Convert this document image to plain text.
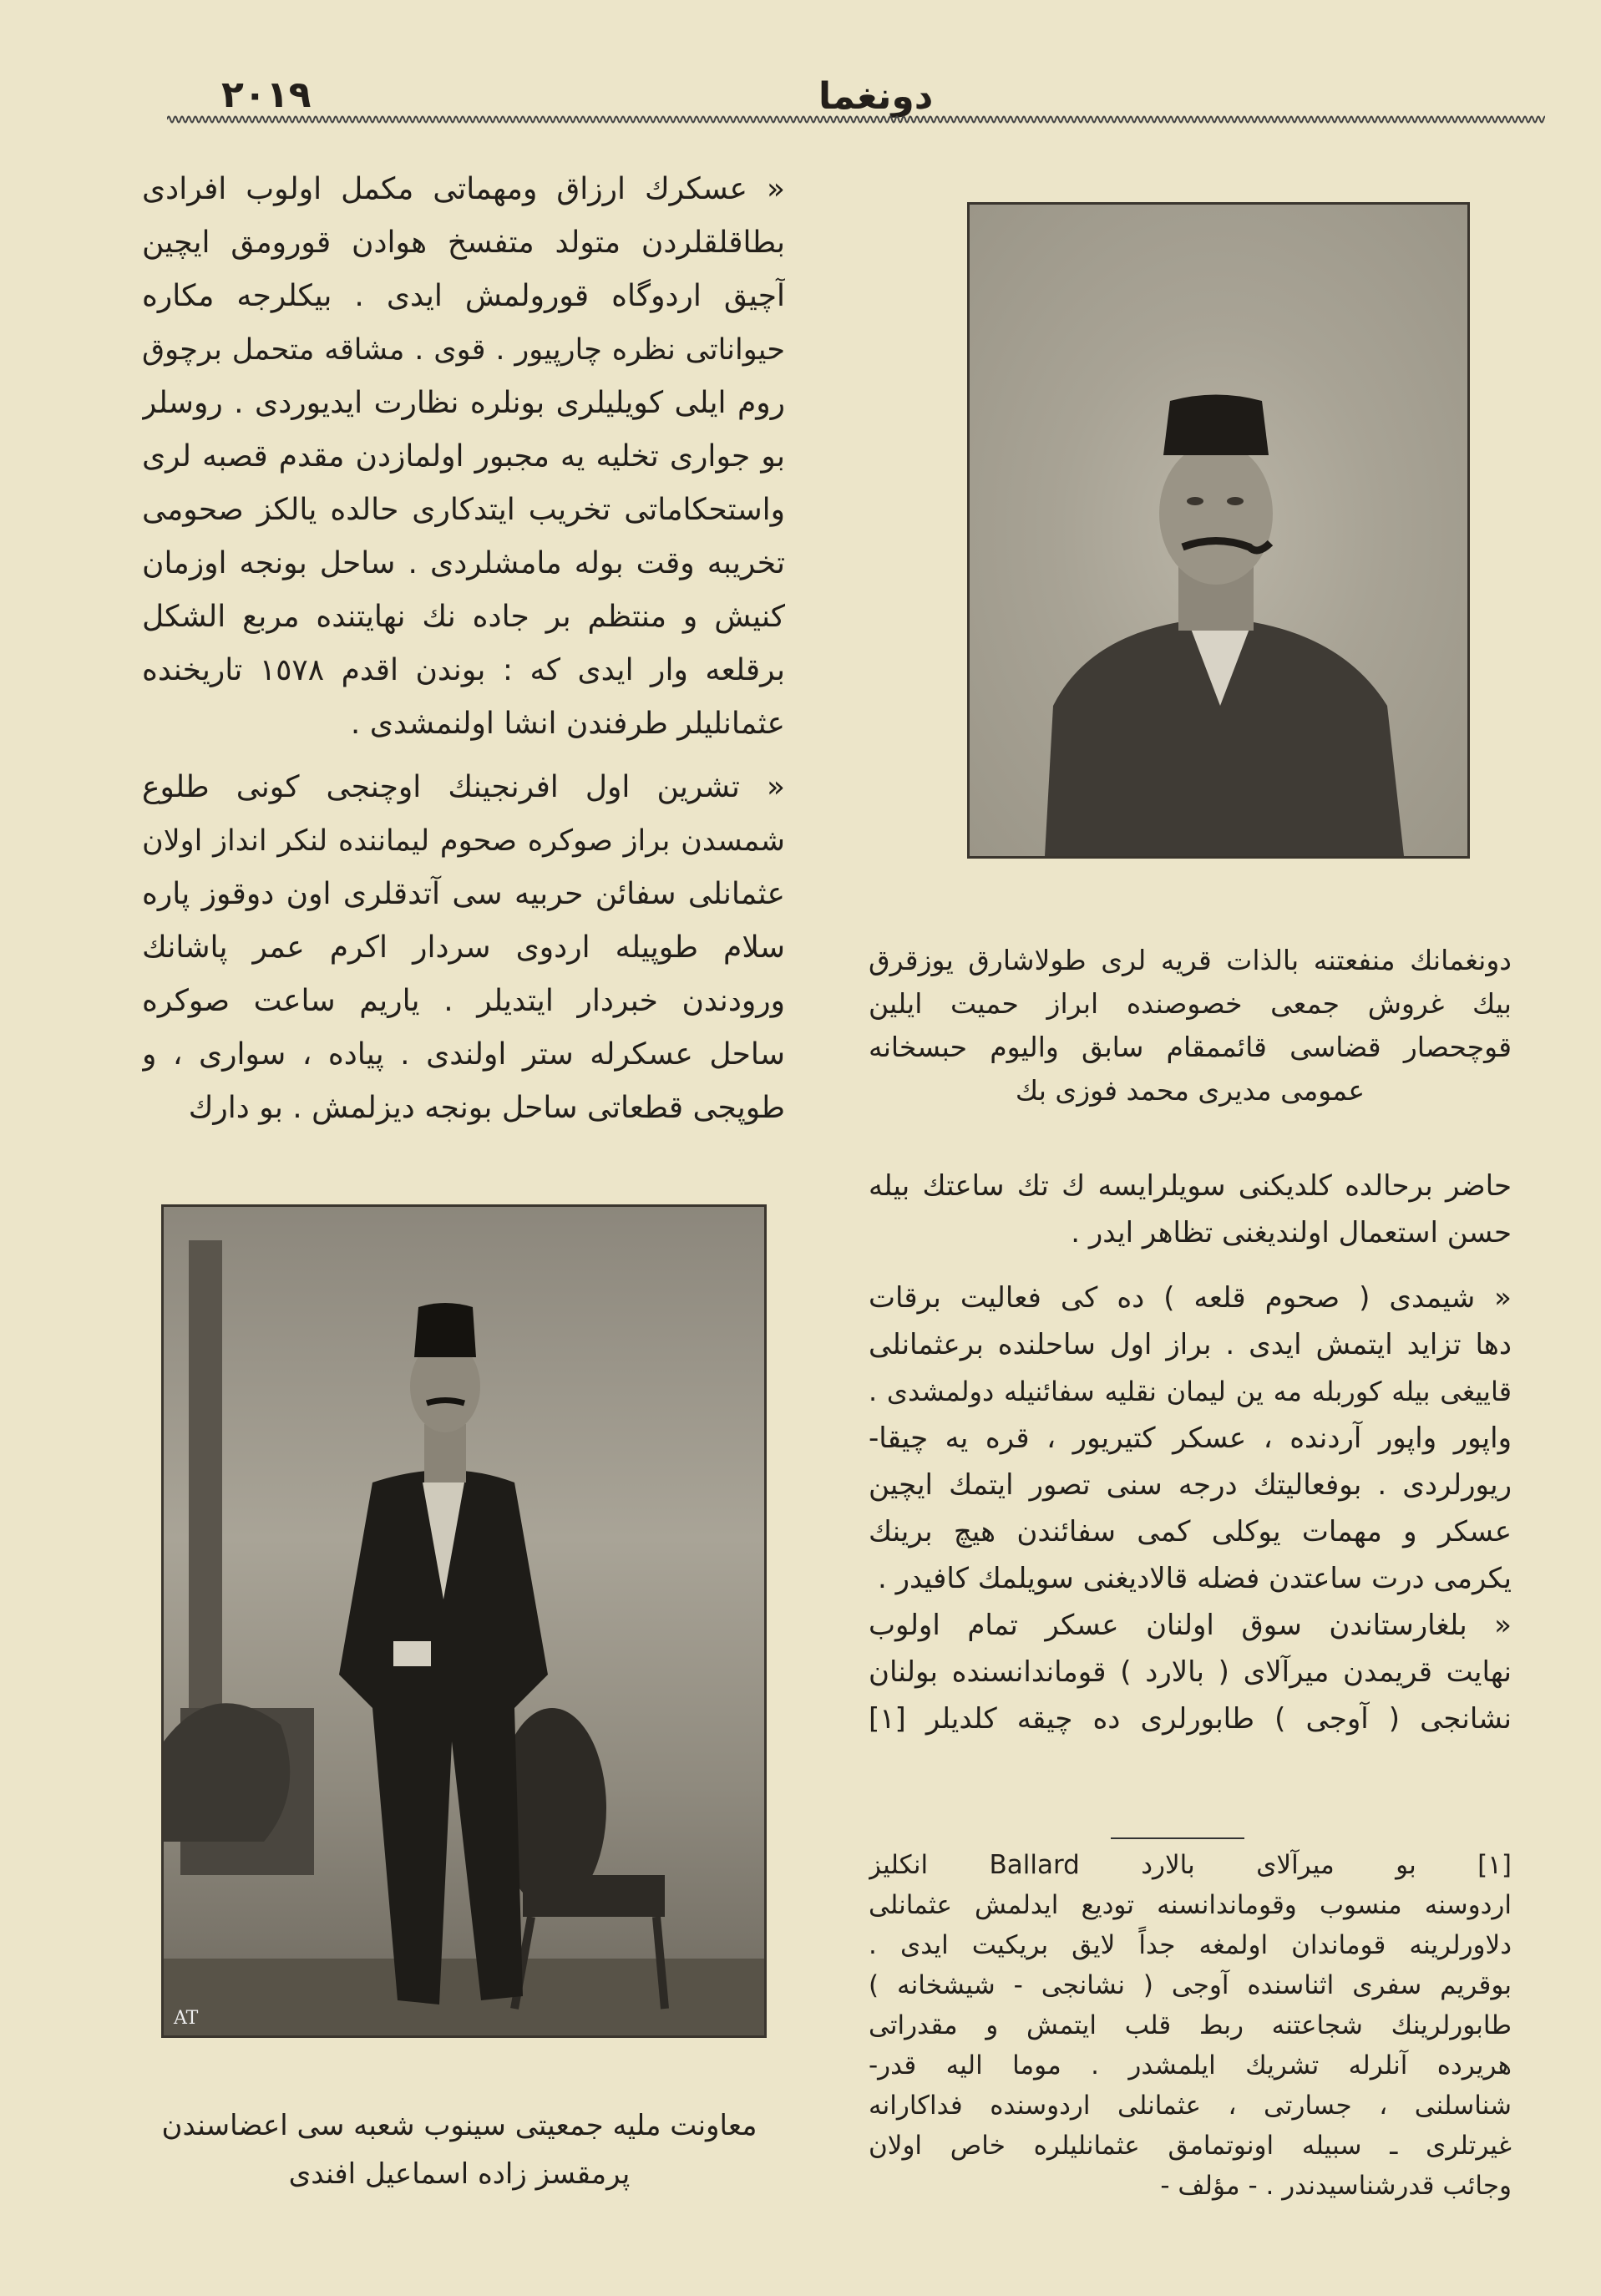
٢٠١٩	دونغما
« عسكرك ارزاق ومهماتی مكمل اولوب افرادی
بطاقلقلردن متولد متفسخ هوادن قورومق ایچین
آچیق اردوگاه قورولمش ایدی . بیكلرجه مكاره
حیواناتی نظره چارپیور . قوی . مشاقه متحمل برچوق
روم ایلی كویلیلری بونلره نظارت ایدیوردی . روسلر
بو جواری تخلیه یه مجبور اولمازدن مقدم قصبه لری
واستحكاماتی تخریب ایتدكاری حالده یالكز صحومی
تخریبه وقت بوله مامشلردی . ساحل بونجه اوزمان
كنیش و منتظم بر جاده نك نهایتنده مربع الشكل
برقلعه وار ایدی كه : بوندن اقدم ١٥٧٨ تاریخنده
عثمانلیلر طرفندن انشا اولنمشدی .
« تشرین اول افرنجینك اوچنجی كونی طلوع
شمسدن براز صوكره صحوم لیماننده لنكر انداز اولان
عثمانلی سفائن حربیه سی آتدقلری اون دوقوز پاره
سلام طوپیله اردوی سردار اكرم عمر پاشانك
ورودندن خبردار ایتدیلر . یاریم ساعت صوكره
ساحل عسكرله ستر اولندی . پیاده ، سواری ، و
طوپجی قطعاتی ساحل بونجه دیزلمش . بو دارك
حاضر برحالده كلدیكنی سویلرایسه ك تك ساعتك بیله
حسن استعمال اولندیغنی تظاهر ایدر .
« شیمدی ( صحوم قلعه ) ده كی فعالیت برقات
دها تزاید ایتمش ایدی . براز اول ساحلنده برعثمانلی
قاییغی بیله كوربله مه ین لیمان نقلیه سفائنیله دولمشدی .
واپور واپور آردنده ، عسكر كتیریور ، قره یه چیقا-
ریورلردی . بوفعالیتك درجه سنی تصور ایتمك ایچین
عسكر و مهمات یوكلی كمی سفائندن هیچ برینك
یكرمی درت ساعتدن فضله قالادیغنی سویلمك كافیدر .
« بلغارستاندن سوق اولنان عسكر تمام اولوب
نهایت قریمدن میرآلای ( بالارد ) قوماندانسنده بولنان
نشانجی ( آوجی ) طابورلری ده چیقه كلدیلر [١]
[١] بو میرآلای بالارد Ballard انكلیز
اردوسنه منسوب وقوماندانسنه تودیع ایدلمش عثمانلی
دلاورلرینه قوماندان اولمغه جداً لایق بریكیت ایدی .
بوقریم سفری اثناسنده آوجی ( نشانجی - شیشخانه )
طابورلرینك شجاعتنه ربط قلب ایتمش و مقدراتی
هریرده آنلرله تشریك ایلمشدر . موما الیه قدر-
شناسلنی ، جسارتی ، عثمانلی اردوسنده فداكارانه
غیرتلری ـ سبیله اونوتمامق عثمانلیلره خاص اولان
وجائب قدرشناسیدندر . - مؤلف -
دونغمانك منفعتنه بالذات قریه لری طولاشارق یوزقرق
بیك غروش جمعی خصوصنده ابراز حمیت ایلین
قوچحصار قضاسی قائممقام سابق والیوم حبسخانه
عمومی مدیری محمد فوزی بك
AT
معاونت ملیه جمعیتی سینوب شعبه سی اعضاسندن
پرمقسز زاده اسماعیل افندی
